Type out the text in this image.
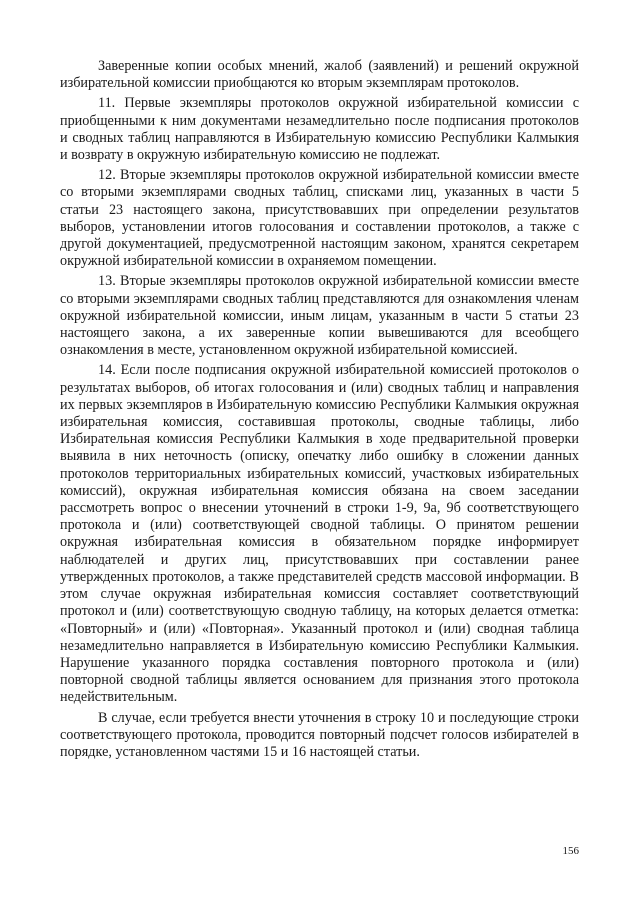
Заверенные копии особых мнений, жалоб (заявлений) и решений окружной избирательной комиссии приобщаются ко вторым экземплярам протоколов.

11. Первые экземпляры протоколов окружной избирательной комиссии с приобщенными к ним документами незамедлительно после подписания протоколов и сводных таблиц направляются в Избирательную комиссию Республики Калмыкия и возврату в окружную избирательную комиссию не подлежат.

12. Вторые экземпляры протоколов окружной избирательной комиссии вместе со вторыми экземплярами сводных таблиц, списками лиц, указанных в части 5 статьи 23 настоящего закона, присутствовавших при определении результатов выборов, установлении итогов голосования и составлении протоколов, а также с другой документацией, предусмотренной настоящим законом, хранятся секретарем окружной избирательной комиссии в охраняемом помещении.

13. Вторые экземпляры протоколов окружной избирательной комиссии вместе со вторыми экземплярами сводных таблиц представляются для ознакомления членам окружной избирательной комиссии, иным лицам, указанным в части 5 статьи 23 настоящего закона, а их заверенные копии вывешиваются для всеобщего ознакомления в месте, установленном окружной избирательной комиссией.

14. Если после подписания окружной избирательной комиссией протоколов о результатах выборов, об итогах голосования и (или) сводных таблиц и направления их первых экземпляров в Избирательную комиссию Республики Калмыкия окружная избирательная комиссия, составившая протоколы, сводные таблицы, либо Избирательная комиссия Республики Калмыкия в ходе предварительной проверки выявила в них неточность (описку, опечатку либо ошибку в сложении данных протоколов территориальных избирательных комиссий, участковых избирательных комиссий), окружная избирательная комиссия обязана на своем заседании рассмотреть вопрос о внесении уточнений в строки 1-9, 9а, 9б соответствующего протокола и (или) соответствующей сводной таблицы. О принятом решении окружная избирательная комиссия в обязательном порядке информирует наблюдателей и других лиц, присутствовавших при составлении ранее утвержденных протоколов, а также представителей средств массовой информации. В этом случае окружная избирательная комиссия составляет соответствующий протокол и (или) соответствующую сводную таблицу, на которых делается отметка: «Повторный» и (или) «Повторная». Указанный протокол и (или) сводная таблица незамедлительно направляется в Избирательную комиссию Республики Калмыкия. Нарушение указанного порядка составления повторного протокола и (или) повторной сводной таблицы является основанием для признания этого протокола недействительным.

В случае, если требуется внести уточнения в строку 10 и последующие строки соответствующего протокола, проводится повторный подсчет голосов избирателей в порядке, установленном частями 15 и 16 настоящей статьи.

156
